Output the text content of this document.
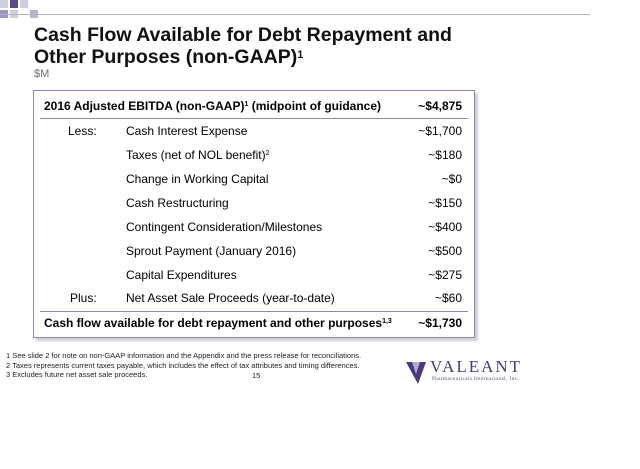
Cash Flow Available for Debt Repayment and Other Purposes (non-GAAP)$^1$
$M
2016 Adjusted EBITDA (non-GAAP)$^1$ (midpoint of guidance)	~$4,875
Less: Cash Interest Expense	~$1,700
Taxes (net of NOL benefit)$^2$	~$180
Change in Working Capital	~$0
Cash Restructuring	~$150
Contingent Consideration/Milestones	~$400
Sprout Payment (January 2016)	~$500
Capital Expenditures	~$275
Plus: Net Asset Sale Proceeds (year-to-date)	~$60
Cash flow available for debt repayment and other purposes$^{1,3}$ ~$1,730
1 See slide 2 for note on non-GAAP information and the Appendix and the press release for reconciliations.
2 Taxes represents current taxes payable, which includes the effect of tax attributes and timing differences.
3 Excludes future net asset sale proceeds.	15	VALEANT
Pharmaceuticals International, Inc.
